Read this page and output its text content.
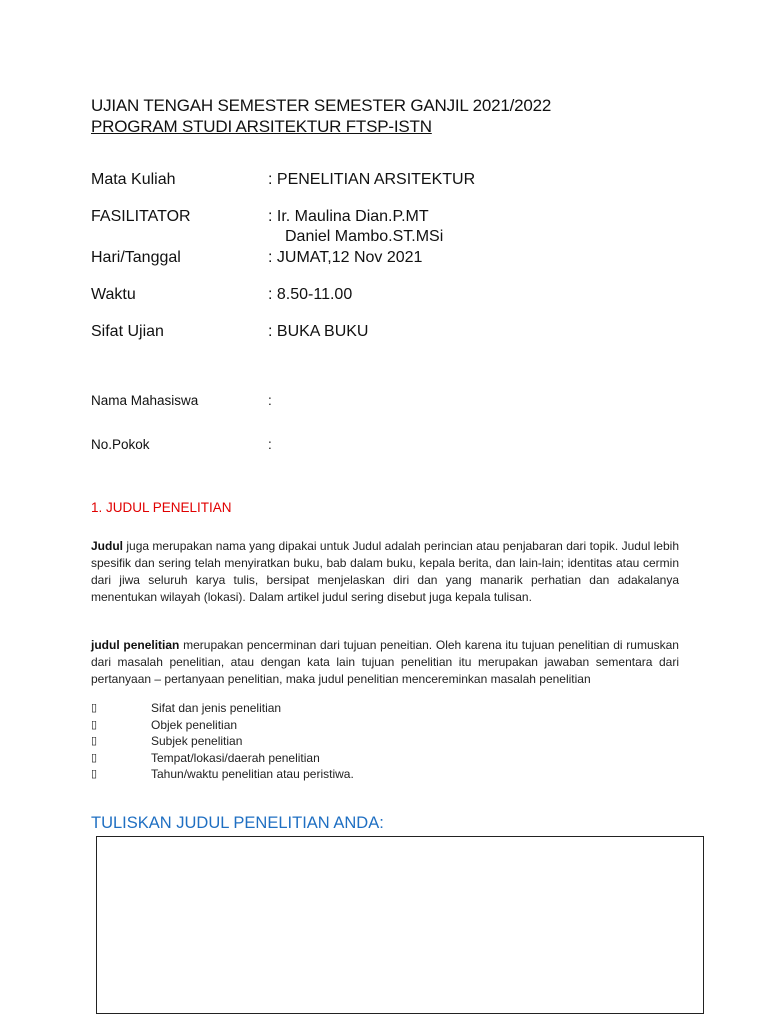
UJIAN TENGAH SEMESTER SEMESTER GANJIL 2021/2022
PROGRAM STUDI ARSITEKTUR FTSP-ISTN
Mata Kuliah	: PENELITIAN ARSITEKTUR
FASILITATOR	: Ir. Maulina Dian.P.MT
Daniel Mambo.ST.MSi
Hari/Tanggal	: JUMAT,12 Nov 2021
Waktu	: 8.50-11.00
Sifat Ujian	: BUKA BUKU
Nama Mahasiswa	:
No.Pokok	:
1. JUDUL PENELITIAN

Judul juga merupakan nama yang dipakai untuk Judul adalah perincian atau penjabaran dari topik. Judul lebih spesifik dan sering telah menyiratkan buku, bab dalam buku, kepala berita, dan lain-lain; identitas atau cermin dari jiwa seluruh karya tulis, bersipat menjelaskan diri dan yang manarik perhatian dan adakalanya menentukan wilayah (lokasi). Dalam artikel judul sering disebut juga kepala tulisan.

judul penelitian merupakan pencerminan dari tujuan peneitian. Oleh karena itu tujuan penelitian di rumuskan dari masalah penelitian, atau dengan kata lain tujuan penelitian itu merupakan jawaban sementara dari pertanyaan – pertanyaan penelitian, maka judul penelitian mencereminkan masalah penelitian

▯	Sifat dan jenis penelitian
▯	Objek penelitian
▯	Subjek penelitian
▯	Tempat/lokasi/daerah penelitian
▯	Tahun/waktu penelitian atau peristiwa.
TULISKAN JUDUL PENELITIAN ANDA:
